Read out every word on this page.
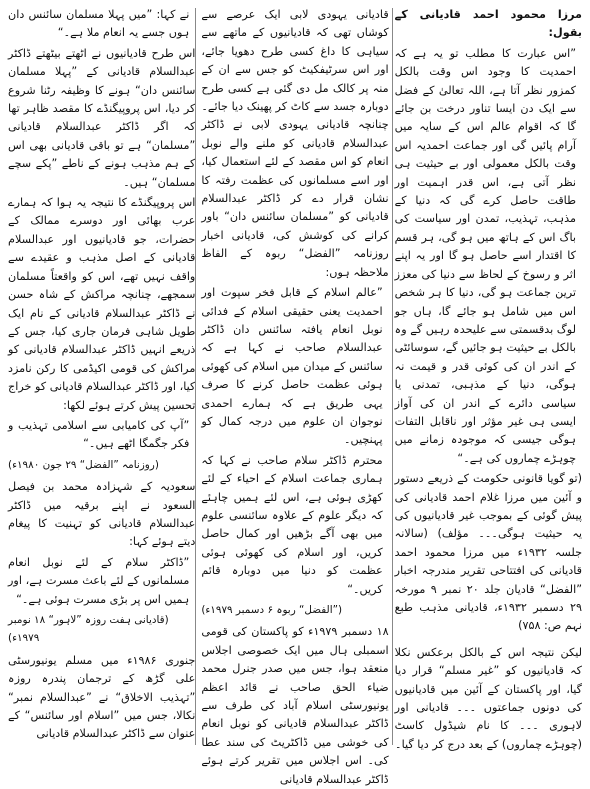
مرزا محمود احمد قادیانی کے بقول:

”اس عبارت کا مطلب تو یہ ہے کہ احمدیت کا وجود اس وقت بالکل کمزور نظر آتا ہے، اللہ تعالیٰ کے فضل سے ایک دن ایسا تناور درخت بن جائے گا کہ اقوام عالم اس کے سایہ میں آرام پائیں گی اور جماعت احمدیہ اس وقت بالکل معمولی اور بے حیثیت ہی نظر آتی ہے، اس قدر اہمیت اور طاقت حاصل کرے گی کہ دنیا کے مذہب، تہذیب، تمدن اور سیاست کی باگ اس کے ہاتھ میں ہو گی، ہر قسم کا اقتدار اسے حاصل ہو گا اور یہ اپنے اثر و رسوخ کے لحاظ سے دنیا کی معزز ترین جماعت ہو گی، دنیا کا ہر شخص اس میں شامل ہو جائے گا، ہاں جو لوگ بدقسمتی سے علیحدہ رہیں گے وہ بالکل بے حیثیت ہو جائیں گے، سوسائٹی کے اندر ان کی کوئی قدر و قیمت نہ ہوگی، دنیا کے مذہبی، تمدنی یا سیاسی دائرے کے اندر ان کی آواز ایسی ہی غیر مؤثر اور ناقابل التفات ہوگی جیسی کہ موجودہ زمانے میں چوہڑے چماروں کی ہے۔“

(تو گویا قانونی حکومت کے ذریعے دستور و آئین میں مرزا غلام احمد قادیانی کی پیش گوئی کے بموجب غیر قادیانیوں کی یہ حیثیت ہوگی۔۔۔ مؤلف) (سالانہ جلسہ ۱۹۳۲ء میں مرزا محمود احمد قادیانی کی افتتاحی تقریر مندرجہ اخبار ”الفضل“ قادیان جلد ۲۰ نمبر ۹ مورخہ ۲۹ دسمبر ۱۹۳۲ء، قادیانی مذہب طبع نہم ص: ۷۵۸)

لیکن نتیجہ اس کے بالکل برعکس نکلا کہ قادیانیوں کو ”غیر مسلم“ قرار دیا گیا، اور پاکستان کے آئین میں قادیانیوں کی دونوں جماعتوں ۔۔۔ قادیانی اور لاہوری ۔۔۔ کا نام شیڈول کاسٹ (چوہڑے چماروں) کے بعد درج کر دیا گیا۔

قادیانی یہودی لابی ایک عرصے سے کوشاں تھی کہ قادیانیوں کے ماتھے سے سیاہی کا داغ کسی طرح دھویا جائے، اور اس سرٹیفکیٹ کو جس سے ان کے منہ پر کالک مل دی گئی ہے کسی طرح دوبارہ جسد سے کاٹ کر پھینک دیا جائے۔ چنانچہ قادیانی یہودی لابی نے ڈاکٹر عبدالسلام قادیانی کو ملنے والے نوبل انعام کو اس مقصد کے لئے استعمال کیا، اور اسے مسلمانوں کی عظمت رفتہ کا نشان قرار دے کر ڈاکٹر عبدالسلام قادیانی کو ”مسلمان سائنس دان“ باور کرانے کی کوشش کی، قادیانی اخبار روزنامہ ”الفضل“ ربوہ کے الفاظ ملاحظہ ہوں:

”عالم اسلام کے قابل فخر سپوت اور احمدیت یعنی حقیقی اسلام کے فدائی نوبل انعام یافتہ سائنس دان ڈاکٹر عبدالسلام صاحب نے کہا ہے کہ سائنس کے میدان میں اسلام کی کھوئی ہوئی عظمت حاصل کرنے کا صرف یہی طریق ہے کہ ہمارے احمدی نوجوان ان علوم میں درجہ کمال کو پہنچیں۔

محترم ڈاکٹر سلام صاحب نے کہا کہ ہماری جماعت اسلام کے احیاء کے لئے کھڑی ہوئی ہے، اس لئے ہمیں چاہئے کہ دیگر علوم کے علاوہ سائنسی علوم میں بھی آگے بڑھیں اور کمال حاصل کریں، اور اسلام کی کھوئی ہوئی عظمت کو دنیا میں دوبارہ قائم کریں۔“

(”الفضل“ ربوہ ۶ دسمبر ۱۹۷۹ء)

۱۸ دسمبر ۱۹۷۹ء کو پاکستان کی قومی اسمبلی ہال میں ایک خصوصی اجلاس منعقد ہوا، جس میں صدر جنرل محمد ضیاء الحق صاحب نے قائد اعظم یونیورسٹی اسلام آباد کی طرف سے ڈاکٹر عبدالسلام قادیانی کو نوبل انعام کی خوشی میں ڈاکٹریٹ کی سند عطا کی۔ اس اجلاس میں تقریر کرتے ہوئے ڈاکٹر عبدالسلام قادیانی

نے کہا: ”میں پہلا مسلمان سائنس دان ہوں جسے یہ انعام ملا ہے۔“

اس طرح قادیانیوں نے اٹھتے بیٹھتے ڈاکٹر عبدالسلام قادیانی کے ”پہلا مسلمان سائنس دان“ ہونے کا وظیفہ رٹنا شروع کر دیا، اس پروپیگنڈے کا مقصد ظاہر تھا کہ اگر ڈاکٹر عبدالسلام قادیانی ”مسلمان“ ہے تو باقی قادیانی بھی اس کے ہم مذہب ہونے کے ناطے ”پکے سچے مسلمان“ ہیں۔

اس پروپیگنڈے کا نتیجہ یہ ہوا کہ ہمارے عرب بھائی اور دوسرے ممالک کے حضرات، جو قادیانیوں اور عبدالسلام قادیانی کے اصل مذہب و عقیدے سے واقف نہیں تھے، اس کو واقعتاً مسلمان سمجھے، چنانچہ مراکش کے شاہ حسن نے ڈاکٹر عبدالسلام قادیانی کے نام ایک طویل شاہی فرمان جاری کیا، جس کے ذریعے انہیں ڈاکٹر عبدالسلام قادیانی کو مراکش کی قومی اکیڈمی کا رکن نامزد کیا، اور ڈاکٹر عبدالسلام قادیانی کو خراج تحسین پیش کرتے ہوئے لکھا:

”آپ کی کامیابی سے اسلامی تہذیب و فکر جگمگا اٹھے ہیں۔“

(روزنامہ ”الفضل“ ۲۹ جون ۱۹۸۰ء)

سعودیہ کے شہزادہ محمد بن فیصل السعود نے اپنے برقیہ میں ڈاکٹر عبدالسلام قادیانی کو تہنیت کا پیغام دیتے ہوئے کہا:

”ڈاکٹر سلام کے لئے نوبل انعام مسلمانوں کے لئے باعث مسرت ہے، اور ہمیں اس پر بڑی مسرت ہوئی ہے۔“

(قادیانی ہفت روزہ ”لاہور“ ۱۸ نومبر ۱۹۷۹ء)

جنوری ۱۹۸۶ء میں مسلم یونیورسٹی علی گڑھ کے ترجمان پندرہ روزہ ”تہذیب الاخلاق“ نے ”عبدالسلام نمبر“ نکالا، جس میں ”اسلام اور سائنس“ کے عنوان سے ڈاکٹر عبدالسلام قادیانی
